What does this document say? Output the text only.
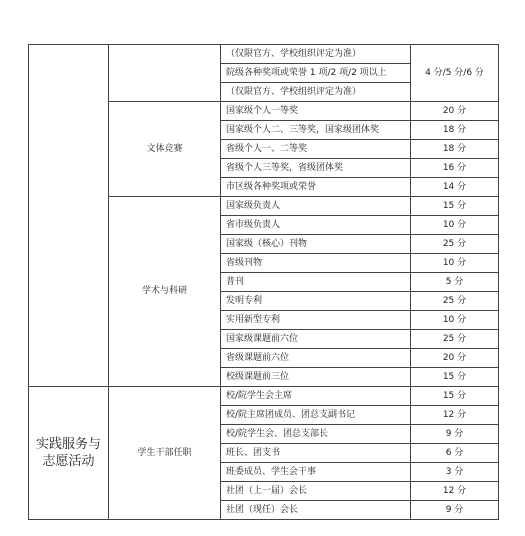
		（仅限官方、学校组织评定为准）	4 分/5 分/6 分
		院级各种奖项或荣誉 1 项/2 项/2 项以上	
		（仅限官方、学校组织评定为准）	
	文体竞赛	国家级个人一等奖	20 分
		国家级个人二、三等奖，国家级团体奖	18 分
		省级个人一、二等奖	18 分
		省级个人三等奖，省级团体奖	16 分
		市区级各种奖项或荣誉	14 分
	学术与科研	国家级负责人	15 分
		省市级负责人	10 分
		国家级（核心）刊物	25 分
		省级刊物	10 分
		普刊	5 分
		发明专利	25 分
		实用新型专利	10 分
		国家级课题前六位	25 分
		省级课题前六位	20 分
		校级课题前三位	15 分
实践服务与
志愿活动	学生干部任职	校/院学生会主席	15 分
		校/院主席团成员、团总支副书记	12 分
		校/院学生会、团总支部长	9 分
		班长、团支书	6 分
		班委成员、学生会干事	3 分
		社团（上一届）会长	12 分
		社团（现任）会长	9 分
